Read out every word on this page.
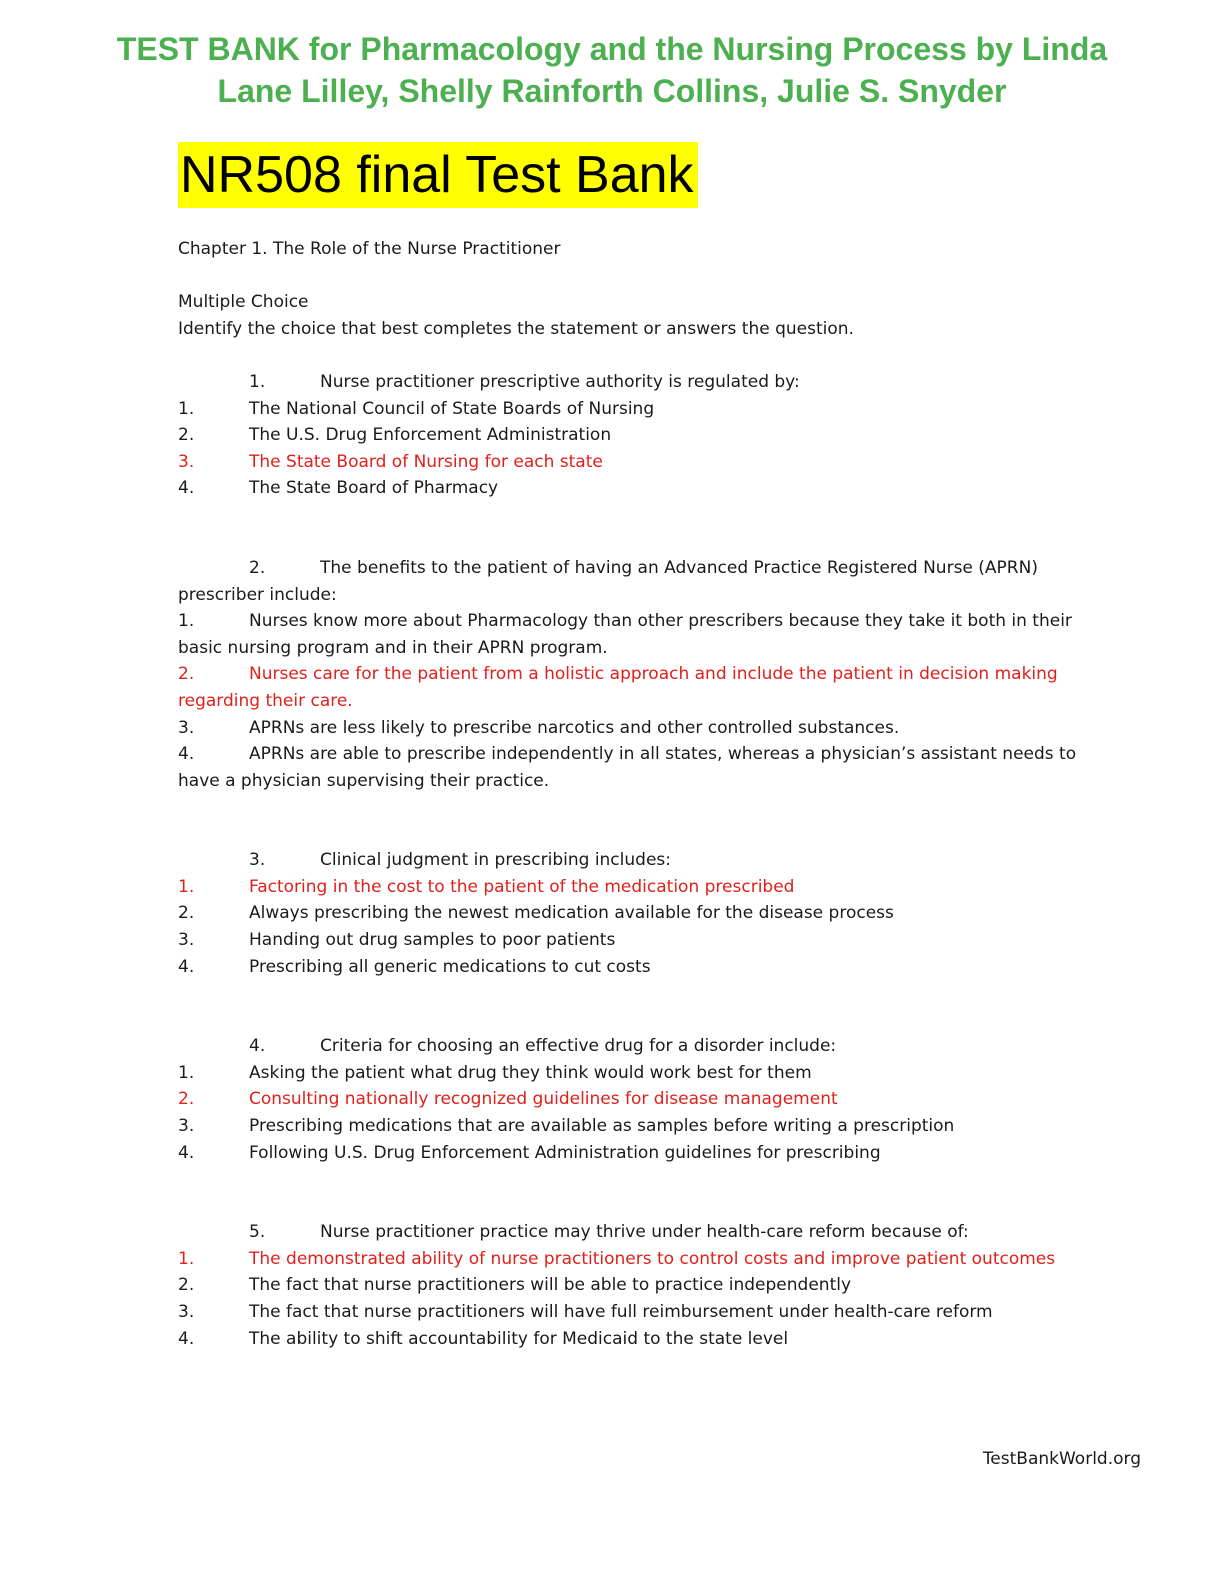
TEST BANK for Pharmacology and the Nursing Process by Linda
Lane Lilley, Shelly Rainforth Collins, Julie S. Snyder
NR508 final Test Bank
Chapter 1. The Role of the Nurse Practitioner
Multiple Choice
Identify the choice that best completes the statement or answers the question.
1.	Nurse practitioner prescriptive authority is regulated by:
1.	The National Council of State Boards of Nursing
2.	The U.S. Drug Enforcement Administration
3.	The State Board of Nursing for each state
4.	The State Board of Pharmacy
2.	The benefits to the patient of having an Advanced Practice Registered Nurse (APRN) prescriber include:
1.	Nurses know more about Pharmacology than other prescribers because they take it both in their basic nursing program and in their APRN program.
2.	Nurses care for the patient from a holistic approach and include the patient in decision making regarding their care.
3.	APRNs are less likely to prescribe narcotics and other controlled substances.
4.	APRNs are able to prescribe independently in all states, whereas a physician’s assistant needs to have a physician supervising their practice.
3.	Clinical judgment in prescribing includes:
1.	Factoring in the cost to the patient of the medication prescribed
2.	Always prescribing the newest medication available for the disease process
3.	Handing out drug samples to poor patients
4.	Prescribing all generic medications to cut costs
4.	Criteria for choosing an effective drug for a disorder include:
1.	Asking the patient what drug they think would work best for them
2.	Consulting nationally recognized guidelines for disease management
3.	Prescribing medications that are available as samples before writing a prescription
4.	Following U.S. Drug Enforcement Administration guidelines for prescribing
5.	Nurse practitioner practice may thrive under health-care reform because of:
1.	The demonstrated ability of nurse practitioners to control costs and improve patient outcomes
2.	The fact that nurse practitioners will be able to practice independently
3.	The fact that nurse practitioners will have full reimbursement under health-care reform
4.	The ability to shift accountability for Medicaid to the state level
TestBankWorld.org
